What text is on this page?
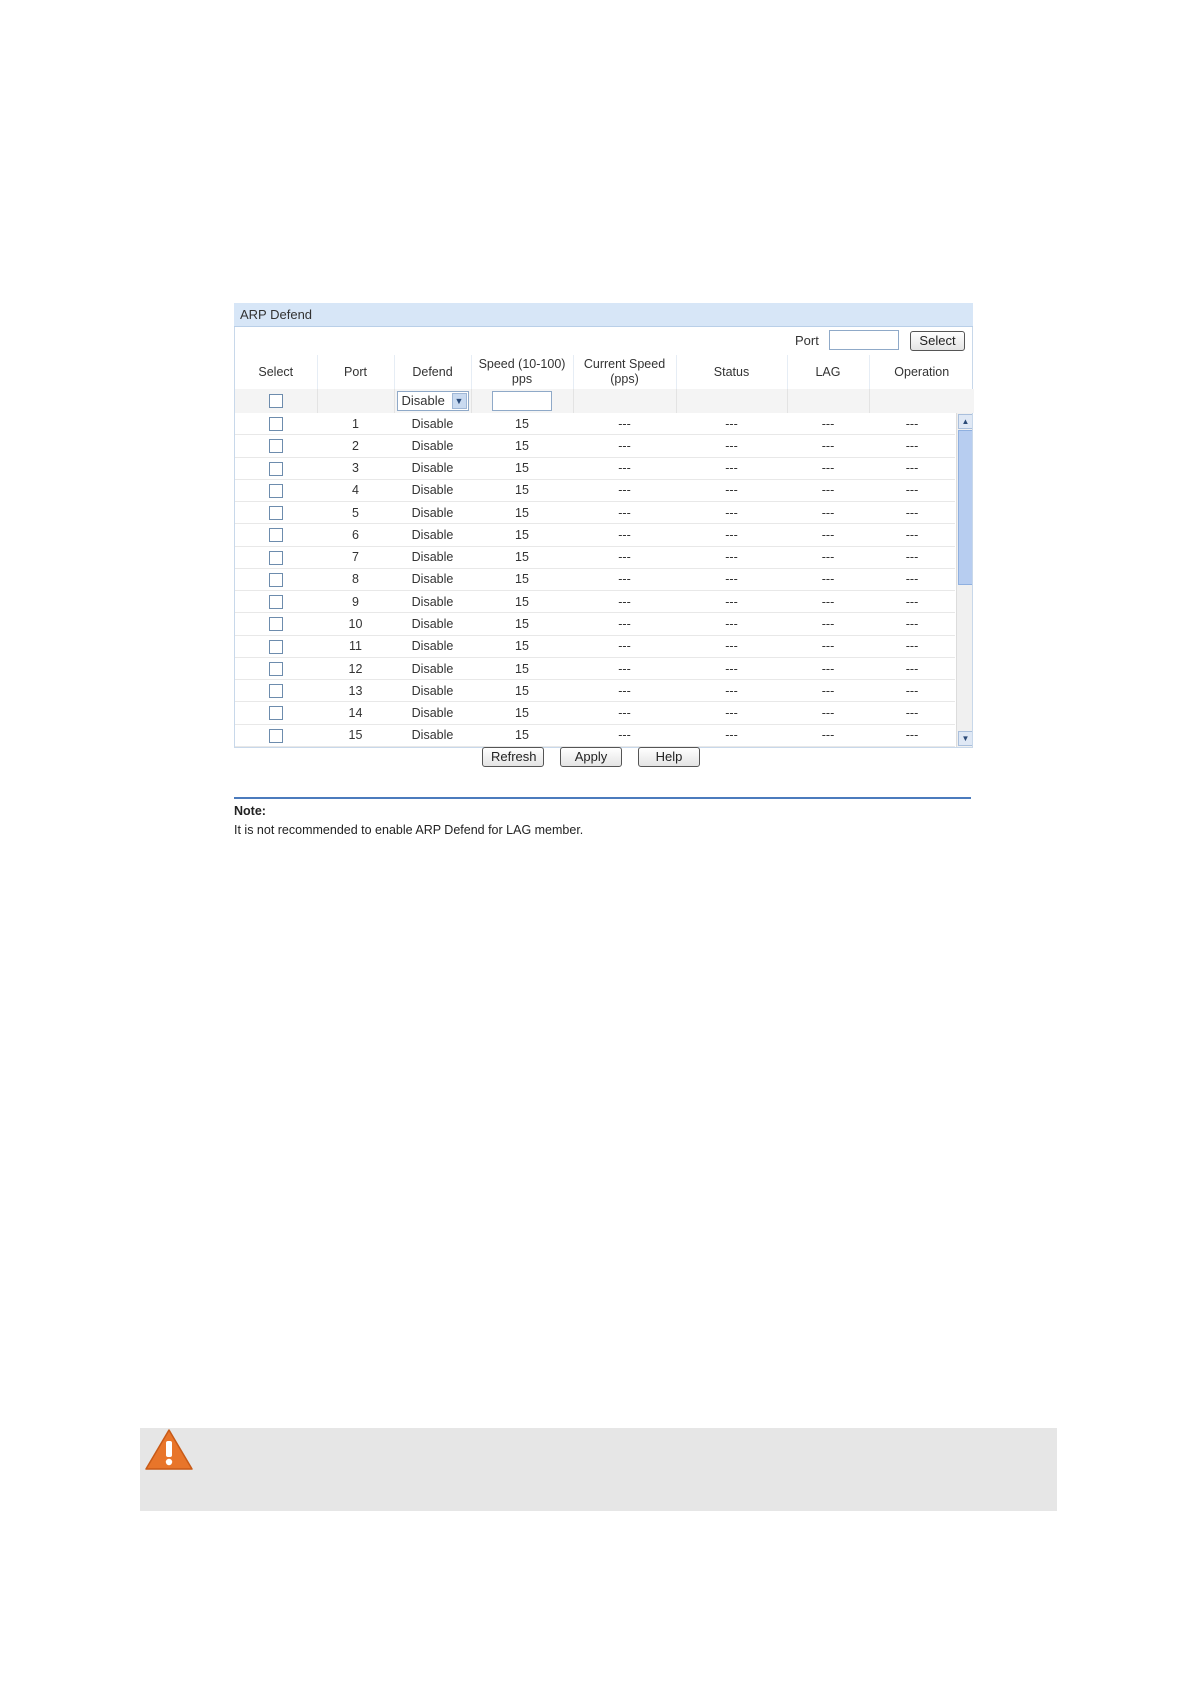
ARP Defend
Port	Select
Select	Port	Defend	Speed (10-100) pps	Current Speed (pps)	Status	LAG	Operation
		Disable ▼					

	1	Disable	15	---	---	---	---
	2	Disable	15	---	---	---	---
	3	Disable	15	---	---	---	---
	4	Disable	15	---	---	---	---
	5	Disable	15	---	---	---	---
	6	Disable	15	---	---	---	---
	7	Disable	15	---	---	---	---
	8	Disable	15	---	---	---	---
	9	Disable	15	---	---	---	---
	10	Disable	15	---	---	---	---
	11	Disable	15	---	---	---	---
	12	Disable	15	---	---	---	---
	13	Disable	15	---	---	---	---
	14	Disable	15	---	---	---	---
	15	Disable	15	---	---	---	---
▲
▼
Refresh	Apply	Help
Note:
It is not recommended to enable ARP Defend for LAG member.
